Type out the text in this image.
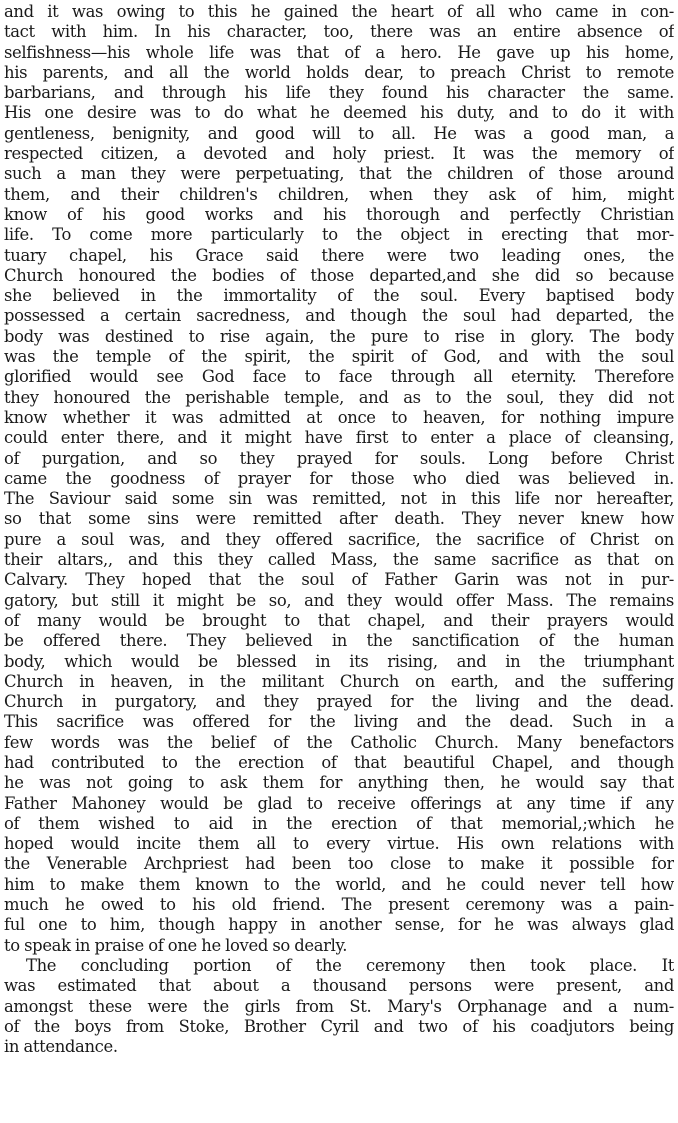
and it was owing to this he gained the heart of all who came in con-
tact with him. In his character, too, there was an entire absence of
selfishness—his whole life was that of a hero. He gave up his home,
his parents, and all the world holds dear, to preach Christ to remote
barbarians, and through his life they found his character the same.
His one desire was to do what he deemed his duty, and to do it with
gentleness, benignity, and good will to all. He was a good man, a
respected citizen, a devoted and holy priest. It was the memory of
such a man they were perpetuating, that the children of those around
them, and their children's children, when they ask of him, might
know of his good works and his thorough and perfectly Christian
life. To come more particularly to the object in erecting that mor-
tuary chapel, his Grace said there were two leading ones, the
Church honoured the bodies of those departed,and she did so because
she believed in the immortality of the soul. Every baptised body
possessed a certain sacredness, and though the soul had departed, the
body was destined to rise again, the pure to rise in glory. The body
was the temple of the spirit, the spirit of God, and with the soul
glorified would see God face to face through all eternity. Therefore
they honoured the perishable temple, and as to the soul, they did not
know whether it was admitted at once to heaven, for nothing impure
could enter there, and it might have first to enter a place of cleansing,
of purgation, and so they prayed for souls. Long before Christ
came the goodness of prayer for those who died was believed in.
The Saviour said some sin was remitted, not in this life nor hereafter,
so that some sins were remitted after death. They never knew how
pure a soul was, and they offered sacrifice, the sacrifice of Christ on
their altars,, and this they called Mass, the same sacrifice as that on
Calvary. They hoped that the soul of Father Garin was not in pur-
gatory, but still it might be so, and they would offer Mass. The remains
of many would be brought to that chapel, and their prayers would
be offered there. They believed in the sanctification of the human
body, which would be blessed in its rising, and in the triumphant
Church in heaven, in the militant Church on earth, and the suffering
Church in purgatory, and they prayed for the living and the dead.
This sacrifice was offered for the living and the dead. Such in a
few words was the belief of the Catholic Church. Many benefactors
had contributed to the erection of that beautiful Chapel, and though
he was not going to ask them for anything then, he would say that
Father Mahoney would be glad to receive offerings at any time if any
of them wished to aid in the erection of that memorial,;which he
hoped would incite them all to every virtue. His own relations with
the Venerable Archpriest had been too close to make it possible for
him to make them known to the world, and he could never tell how
much he owed to his old friend. The present ceremony was a pain-
ful one to him, though happy in another sense, for he was always glad
to speak in praise of one he loved so dearly.
The concluding portion of the ceremony then took place. It
was estimated that about a thousand persons were present, and
amongst these were the girls from St. Mary's Orphanage and a num-
of the boys from Stoke, Brother Cyril and two of his coadjutors being
in attendance.
